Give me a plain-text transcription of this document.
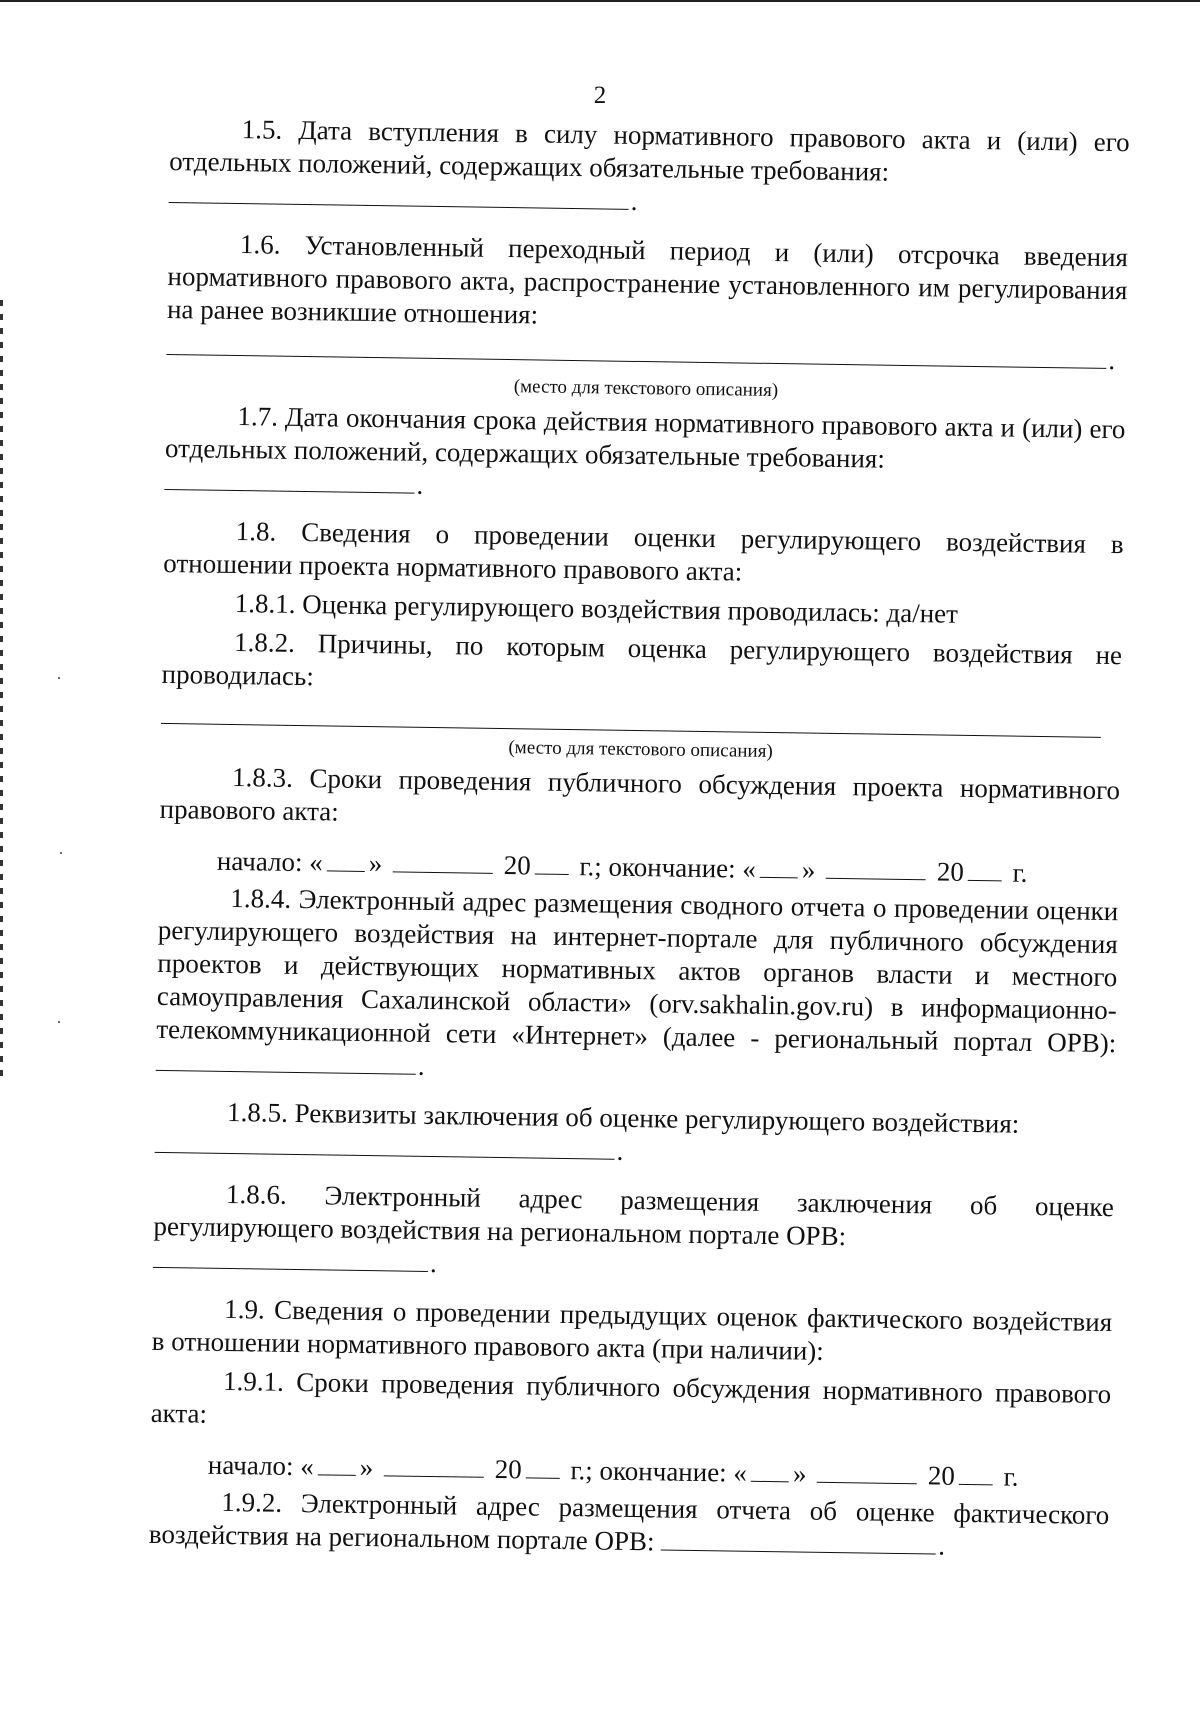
·
·
·
2

1.5. Дата вступления в силу нормативного правового акта и (или) его отдельных положений, содержащих обязательные требования:

.

1.6. Установленный переходный период и (или) отсрочка введения нормативного правового акта, распространение установленного им регулирования на ранее возникшие отношения:

.

(место для текстового описания)

1.7. Дата окончания срока действия нормативного правового акта и (или) его отдельных положений, содержащих обязательные требования:

.

1.8. Сведения о проведении оценки регулирующего воздействия в отношении проекта нормативного правового акта:

1.8.1. Оценка регулирующего воздействия проводилась: да/нет

1.8.2. Причины, по которым оценка регулирующего воздействия не проводилась:

(место для текстового описания)

1.8.3. Сроки проведения публичного обсуждения проекта нормативного правового акта:

начало: « »	20 г.; окончание: « »	20 г.

1.8.4. Электронный адрес размещения сводного отчета о проведении оценки регулирующего воздействия на интернет-портале для публичного обсуждения проектов и действующих нормативных актов органов власти и местного самоуправления Сахалинской области» (orv.sakhalin.gov.ru) в информационно-телекоммуникационной сети «Интернет» (далее - региональный портал ОРВ): .

1.8.5. Реквизиты заключения об оценке регулирующего воздействия:

.

1.8.6. Электронный адрес размещения заключения об оценке регулирующего воздействия на региональном портале ОРВ:

.

1.9. Сведения о проведении предыдущих оценок фактического воздействия в отношении нормативного правового акта (при наличии):

1.9.1. Сроки проведения публичного обсуждения нормативного правового акта:

начало: « »	20 г.; окончание: « »	20 г.

1.9.2. Электронный адрес размещения отчета об оценке фактического воздействия на региональном портале ОРВ:	.
